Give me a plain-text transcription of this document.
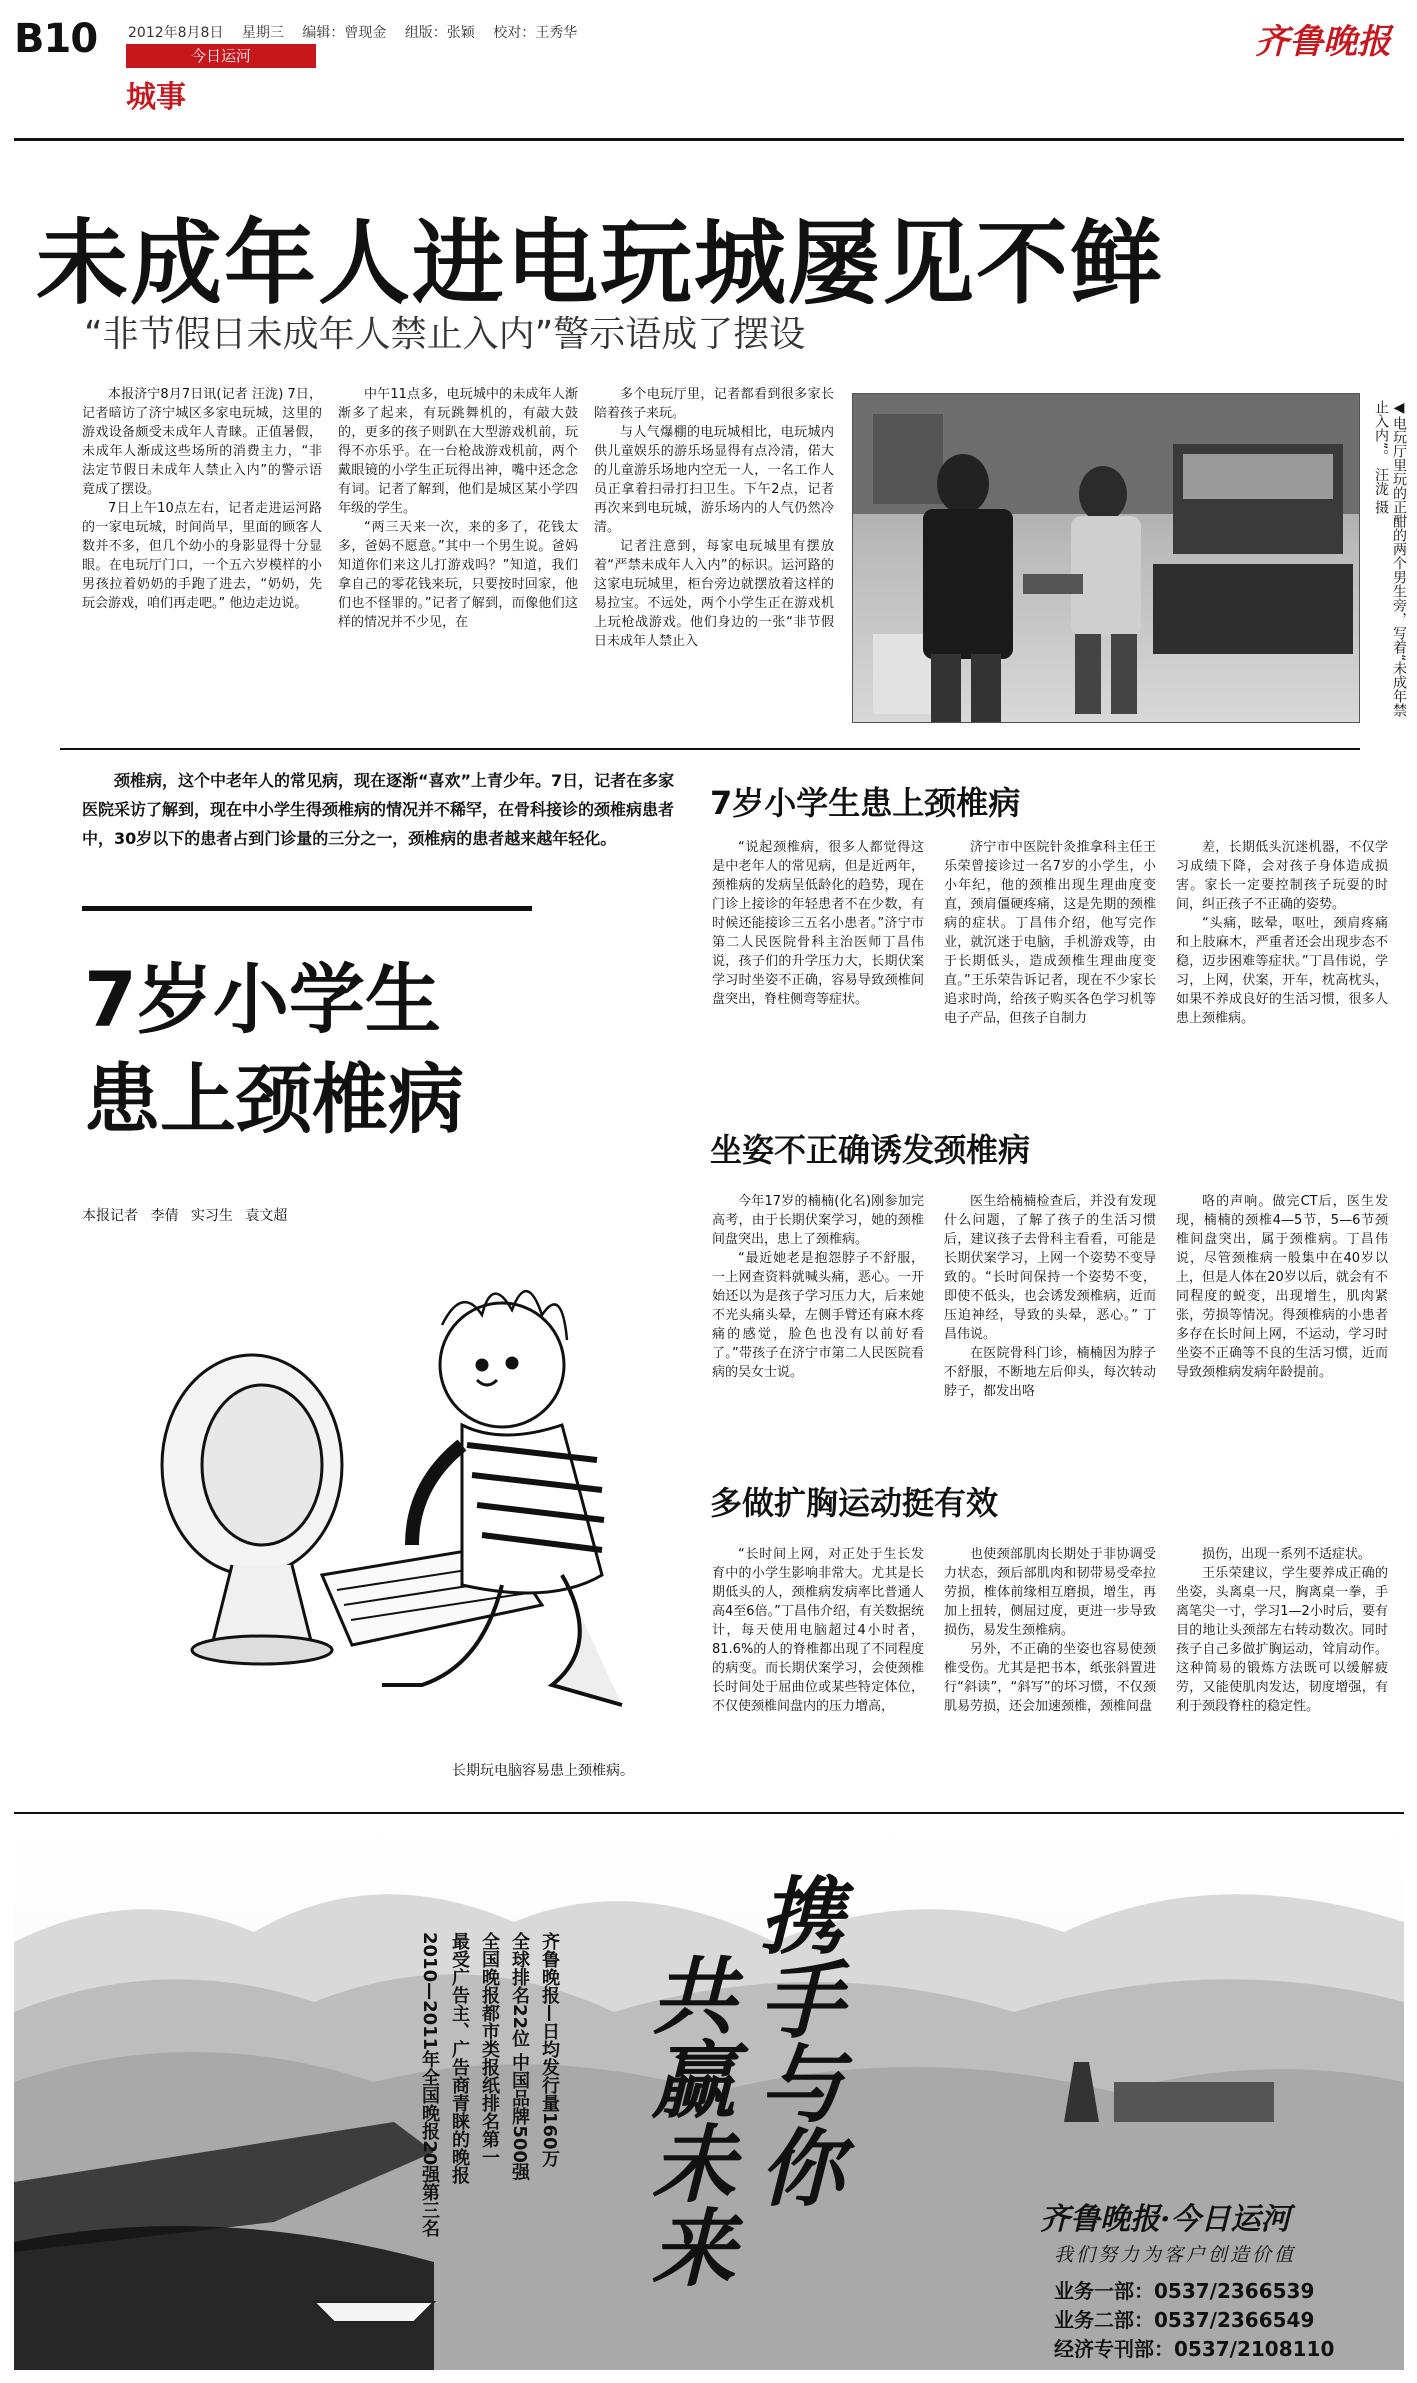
B10 2012年8月8日 星期三 编辑：曾现金 组版：张颖 校对：王秀华
今日运河
城事
齐鲁晚报
未成年人进电玩城屡见不鲜
“非节假日未成年人禁止入内”警示语成了摆设

本报济宁8月7日讯(记者 汪泷) 7日，记者暗访了济宁城区多家电玩城，这里的游戏设备颇受未成年人青睐。正值暑假，未成年人渐成这些场所的消费主力，“非法定节假日未成年人禁止入内”的警示语竟成了摆设。

7日上午10点左右，记者走进运河路的一家电玩城，时间尚早，里面的顾客人数并不多，但几个幼小的身影显得十分显眼。在电玩厅门口，一个五六岁模样的小男孩拉着奶奶的手跑了进去，“奶奶，先玩会游戏，咱们再走吧。” 他边走边说。

中午11点多，电玩城中的未成年人渐渐多了起来，有玩跳舞机的，有敲大鼓的，更多的孩子则趴在大型游戏机前，玩得不亦乐乎。在一台枪战游戏机前，两个戴眼镜的小学生正玩得出神，嘴中还念念有词。记者了解到，他们是城区某小学四年级的学生。

“两三天来一次，来的多了，花钱太多，爸妈不愿意。”其中一个男生说。爸妈知道你们来这儿打游戏吗？”知道，我们拿自己的零花钱来玩，只要按时回家，他们也不怪罪的。”记者了解到，而像他们这样的情况并不少见，在

多个电玩厅里，记者都看到很多家长陪着孩子来玩。

与人气爆棚的电玩城相比，电玩城内供儿童娱乐的游乐场显得有点冷清，偌大的儿童游乐场地内空无一人，一名工作人员正拿着扫帚打扫卫生。下午2点，记者再次来到电玩城，游乐场内的人气仍然冷清。

记者注意到，每家电玩城里有摆放着“严禁未成年人入内”的标识。运河路的这家电玩城里，柜台旁边就摆放着这样的易拉宝。不远处，两个小学生正在游戏机上玩枪战游戏。他们身边的一张“非节假日未成年人禁止入	◀电玩厅里玩的正酣的两个男生旁，写着“未成年禁止入内”。 汪泷 摄
颈椎病，这个中老年人的常见病，现在逐渐“喜欢”上青少年。7日，记者在多家医院采访了解到，现在中小学生得颈椎病的情况并不稀罕，在骨科接诊的颈椎病患者中，30岁以下的患者占到门诊量的三分之一，颈椎病的患者越来越年轻化。
7岁小学生
患上颈椎病
本报记者 李倩 实习生 袁文超
长期玩电脑容易患上颈椎病。
7岁小学生患上颈椎病

“说起颈椎病，很多人都觉得这是中老年人的常见病，但是近两年，颈椎病的发病呈低龄化的趋势，现在门诊上接诊的年轻患者不在少数，有时候还能接诊三五名小患者。”济宁市第二人民医院骨科主治医师丁昌伟说，孩子们的升学压力大，长期伏案学习时坐姿不正确，容易导致颈椎间盘突出，脊柱侧弯等症状。

济宁市中医院针灸推拿科主任王乐荣曾接诊过一名7岁的小学生，小小年纪，他的颈椎出现生理曲度变直，颈肩僵硬疼痛，这是先期的颈椎病的症状。丁昌伟介绍，他写完作业，就沉迷于电脑，手机游戏等，由于长期低头，造成颈椎生理曲度变直。”王乐荣告诉记者，现在不少家长追求时尚，给孩子购买各色学习机等电子产品，但孩子自制力

差，长期低头沉迷机器，不仅学习成绩下降，会对孩子身体造成损害。家长一定要控制孩子玩耍的时间，纠正孩子不正确的姿势。

“头痛，眩晕，呕吐，颈肩疼痛和上肢麻木，严重者还会出现步态不稳，迈步困难等症状。”丁昌伟说，学习，上网，伏案，开车，枕高枕头，如果不养成良好的生活习惯，很多人患上颈椎病。

坐姿不正确诱发颈椎病

今年17岁的楠楠(化名)刚参加完高考，由于长期伏案学习，她的颈椎间盘突出，患上了颈椎病。

“最近她老是抱怨脖子不舒服，一上网查资料就喊头痛，恶心。一开始还以为是孩子学习压力大，后来她不光头痛头晕，左侧手臂还有麻木疼痛的感觉，脸色也没有以前好看了。”带孩子在济宁市第二人民医院看病的吴女士说。

医生给楠楠检查后，并没有发现什么问题，了解了孩子的生活习惯后，建议孩子去骨科主看看，可能是长期伏案学习，上网一个姿势不变导致的。“长时间保持一个姿势不变，即使不低头，也会诱发颈椎病，近而压迫神经，导致的头晕，恶心。” 丁昌伟说。

在医院骨科门诊，楠楠因为脖子不舒服，不断地左后仰头，每次转动脖子，都发出咯

咯的声响。做完CT后，医生发现，楠楠的颈椎4—5节，5—6节颈椎间盘突出，属于颈椎病。丁昌伟说，尽管颈椎病一般集中在40岁以上，但是人体在20岁以后，就会有不同程度的蜕变，出现增生，肌肉紧张，劳损等情况。得颈椎病的小患者多存在长时间上网，不运动，学习时坐姿不正确等不良的生活习惯，近而导致颈椎病发病年龄提前。

多做扩胸运动挺有效

“长时间上网，对正处于生长发育中的小学生影响非常大。尤其是长期低头的人，颈椎病发病率比普通人高4至6倍。”丁昌伟介绍，有关数据统计，每天使用电脑超过4小时者，81.6%的人的脊椎都出现了不同程度的病变。而长期伏案学习，会使颈椎长时间处于屈曲位或某些特定体位，不仅使颈椎间盘内的压力增高，

也使颈部肌肉长期处于非协调受力状态，颈后部肌肉和韧带易受牵拉劳损，椎体前缘相互磨损，增生，再加上扭转，侧屈过度，更进一步导致损伤，易发生颈椎病。

另外，不正确的坐姿也容易使颈椎受伤。尤其是把书本，纸张斜置进行“斜读”，“斜写”的坏习惯，不仅颈肌易劳损，还会加速颈椎，颈椎间盘

损伤，出现一系列不适症状。

王乐荣建议，学生要养成正确的坐姿，头离桌一尺，胸离桌一拳，手离笔尖一寸，学习1—2小时后，要有目的地让头颈部左右转动数次。同时孩子自己多做扩胸运动，耸肩动作。这种简易的锻炼方法既可以缓解疲劳，又能使肌肉发达，韧度增强，有利于颈段脊柱的稳定性。

携手与你
共赢未来
齐鲁晚报—日均发行量160万
全球排名22位 中国品牌500强
全国晚报都市类报纸排名第一
最受广告主、广告商青睐的晚报
2010—2011年全国晚报20强第三名	齐鲁晚报·今日运河
我们努力为客户创造价值
业务一部：0537/2366539
业务二部：0537/2366549
经济专刊部：0537/2108110
